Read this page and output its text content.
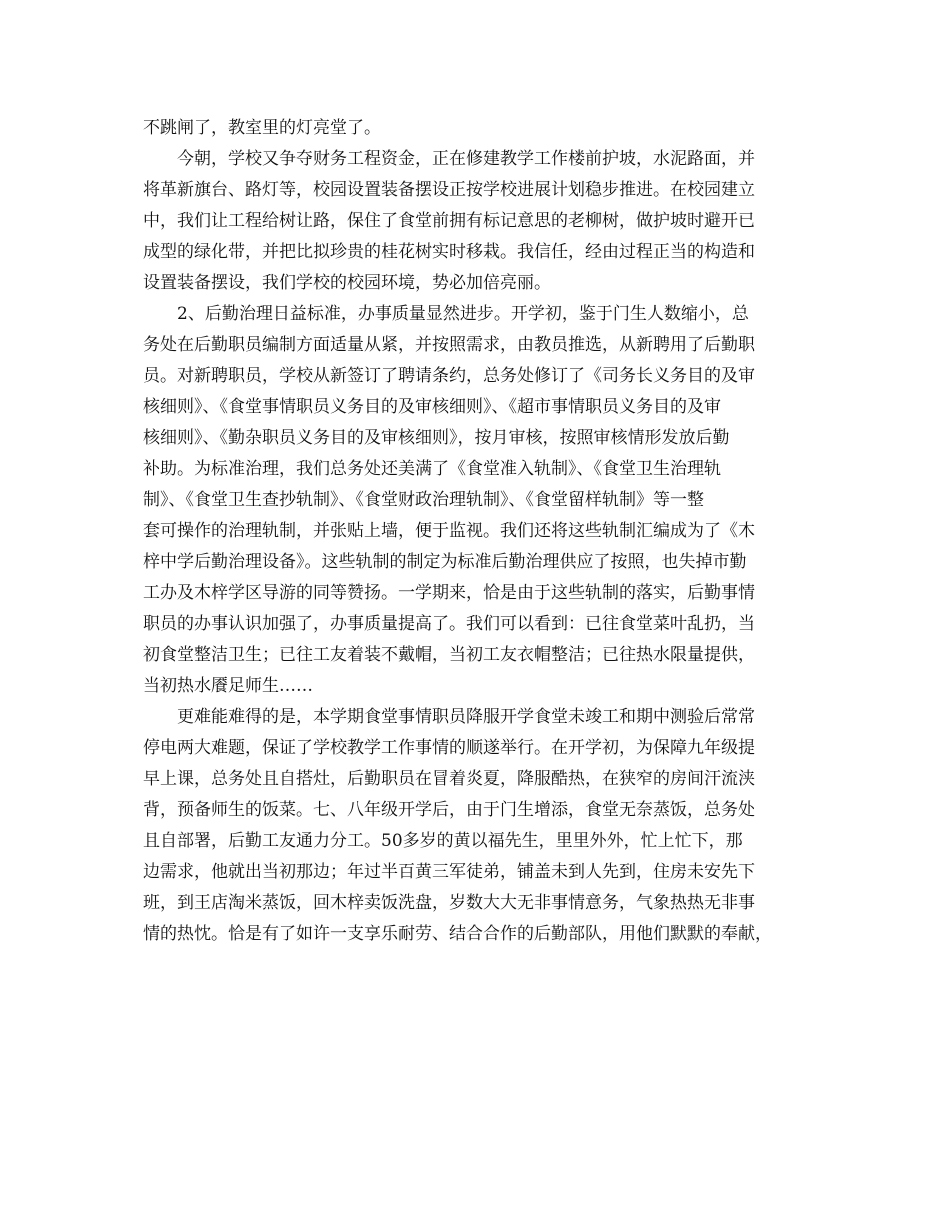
不跳闸了，教室里的灯亮堂了。
今朝，学校又争夺财务工程资金，正在修建教学工作楼前护坡，水泥路面，并
将革新旗台、路灯等，校园设置装备摆设正按学校进展计划稳步推进。在校园建立
中，我们让工程给树让路，保住了食堂前拥有标记意思的老柳树，做护坡时避开已
成型的绿化带，并把比拟珍贵的桂花树实时移栽。我信任，经由过程正当的构造和
设置装备摆设，我们学校的校园环境，势必加倍亮丽。
2、后勤治理日益标准，办事质量显然进步。开学初，鉴于门生人数缩小，总
务处在后勤职员编制方面适量从紧，并按照需求，由教员推选，从新聘用了后勤职
员。对新聘职员，学校从新签订了聘请条约，总务处修订了《司务长义务目的及审
核细则》、《食堂事情职员义务目的及审核细则》、《超市事情职员义务目的及审
核细则》、《勤杂职员义务目的及审核细则》，按月审核，按照审核情形发放后勤
补助。为标准治理，我们总务处还美满了《食堂准入轨制》、《食堂卫生治理轨
制》、《食堂卫生查抄轨制》、《食堂财政治理轨制》、《食堂留样轨制》等一整
套可操作的治理轨制，并张贴上墙，便于监视。我们还将这些轨制汇编成为了《木
梓中学后勤治理设备》。这些轨制的制定为标准后勤治理供应了按照，也失掉市勤
工办及木梓学区导游的同等赞扬。一学期来，恰是由于这些轨制的落实，后勤事情
职员的办事认识加强了，办事质量提高了。我们可以看到：已往食堂菜叶乱扔，当
初食堂整洁卫生；已往工友着装不戴帽，当初工友衣帽整洁；已往热水限量提供，
当初热水餍足师生……
更难能难得的是，本学期食堂事情职员降服开学食堂未竣工和期中测验后常常
停电两大难题，保证了学校教学工作事情的顺遂举行。在开学初，为保障九年级提
早上课，总务处且自搭灶，后勤职员在冒着炎夏，降服酷热，在狭窄的房间汗流浃
背，预备师生的饭菜。七、八年级开学后，由于门生增添，食堂无奈蒸饭，总务处
且自部署，后勤工友通力分工。50多岁的黄以福先生，里里外外，忙上忙下，那
边需求，他就出当初那边；年过半百黄三军徒弟，铺盖未到人先到，住房未安先下
班，到王店淘米蒸饭，回木梓卖饭洗盘，岁数大大无非事情意务，气象热热无非事
情的热忱。恰是有了如许一支享乐耐劳、结合合作的后勤部队，用他们默默的奉献，
